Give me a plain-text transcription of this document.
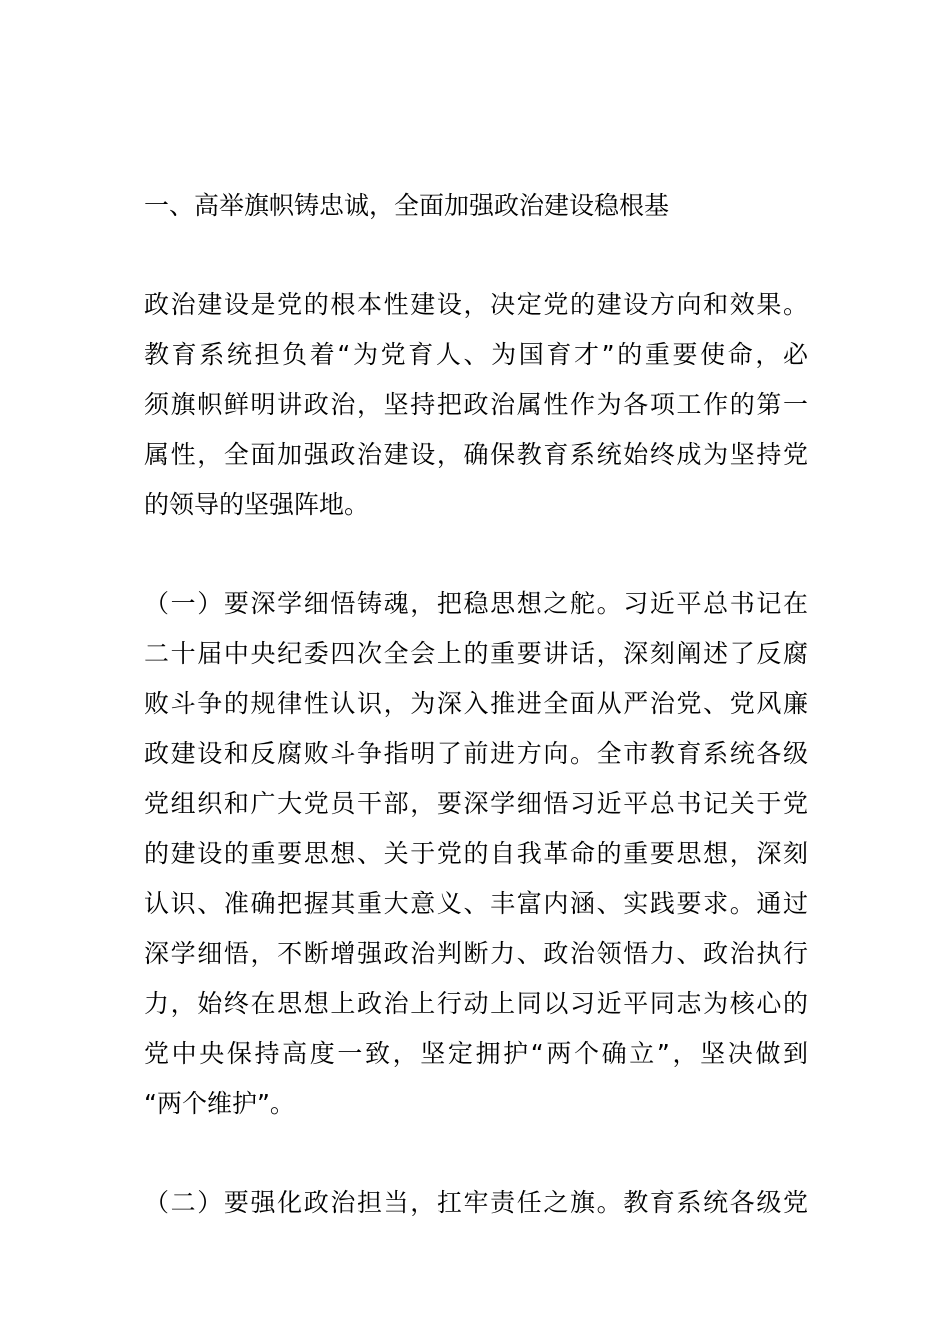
一、高举旗帜铸忠诚，全面加强政治建设稳根基
政治建设是党的根本性建设，决定党的建设方向和效果。
教育系统担负着“为党育人、为国育才”的重要使命，必
须旗帜鲜明讲政治，坚持把政治属性作为各项工作的第一
属性，全面加强政治建设，确保教育系统始终成为坚持党
的领导的坚强阵地。
（一）要深学细悟铸魂，把稳思想之舵。习近平总书记在
二十届中央纪委四次全会上的重要讲话，深刻阐述了反腐
败斗争的规律性认识，为深入推进全面从严治党、党风廉
政建设和反腐败斗争指明了前进方向。全市教育系统各级
党组织和广大党员干部，要深学细悟习近平总书记关于党
的建设的重要思想、关于党的自我革命的重要思想，深刻
认识、准确把握其重大意义、丰富内涵、实践要求。通过
深学细悟，不断增强政治判断力、政治领悟力、政治执行
力，始终在思想上政治上行动上同以习近平同志为核心的
党中央保持高度一致，坚定拥护“两个确立”，坚决做到
“两个维护”。
（二）要强化政治担当，扛牢责任之旗。教育系统各级党
